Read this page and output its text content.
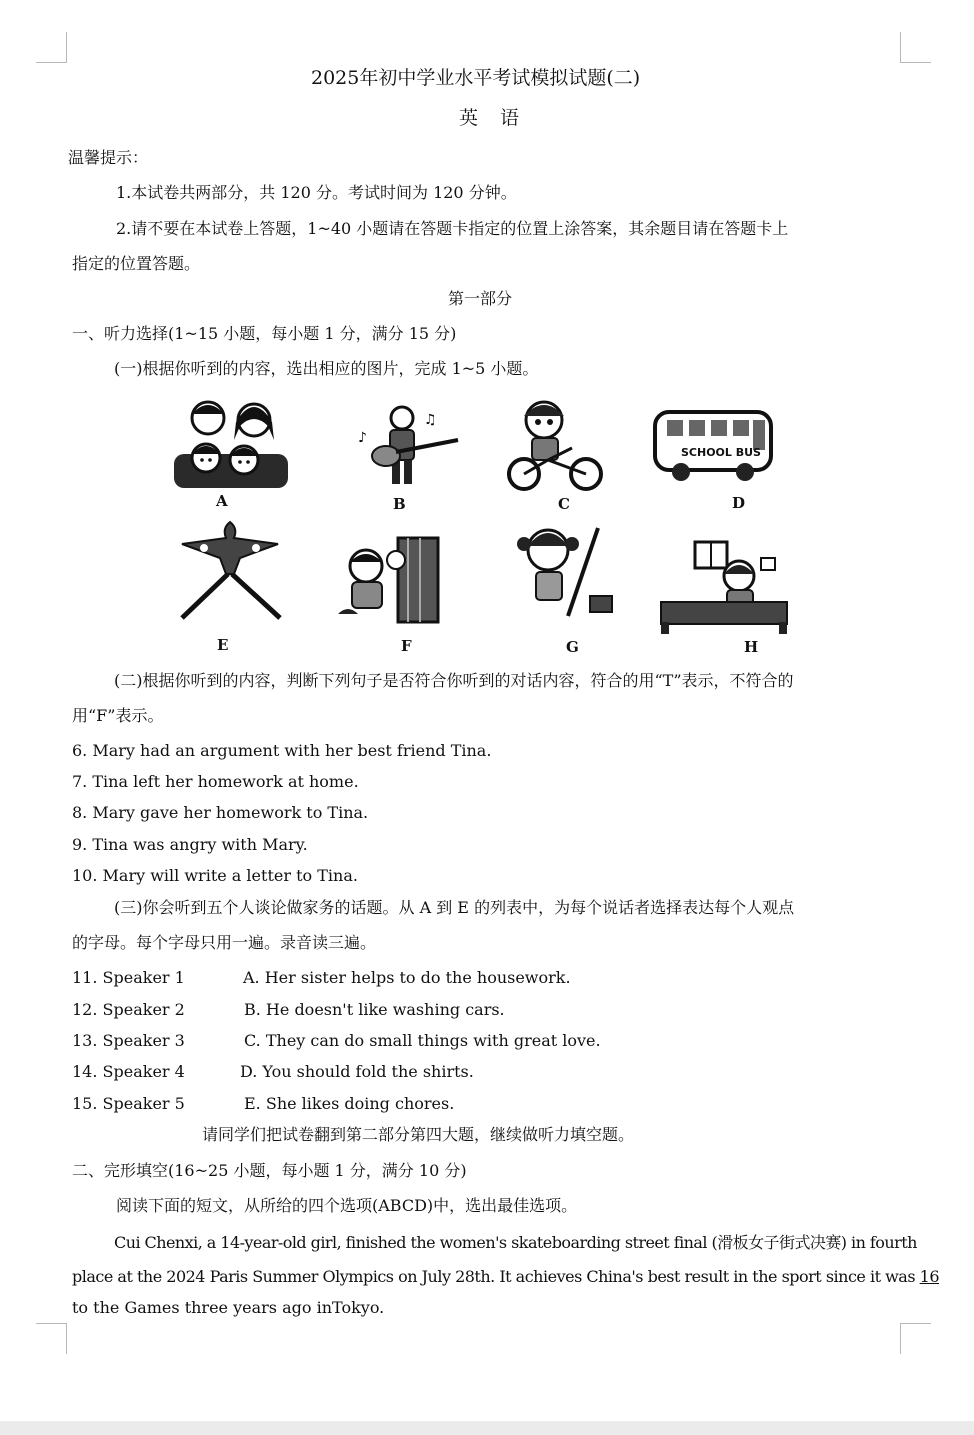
2025年初中学业水平考试模拟试题(二)
英 语
温馨提示：
1.本试卷共两部分，共 120 分。考试时间为 120 分钟。
2.请不要在本试卷上答题，1~40 小题请在答题卡指定的位置上涂答案，其余题目请在答题卡上
指定的位置答题。
第一部分
一、听力选择(1~15 小题，每小题 1 分，满分 15 分)
(一)根据你听到的内容，选出相应的图片，完成 1~5 小题。
A
♪
♫
B	C
SCHOOL BUS
D
E	F	G	H
(二)根据你听到的内容，判断下列句子是否符合你听到的对话内容，符合的用“T”表示，不符合的
用“F”表示。
6. Mary had an argument with her best friend Tina.
7. Tina left her homework at home.
8. Mary gave her homework to Tina.
9. Tina was angry with Mary.
10. Mary will write a letter to Tina.
(三)你会听到五个人谈论做家务的话题。从 A 到 E 的列表中，为每个说话者选择表达每个人观点
的字母。每个字母只用一遍。录音读三遍。
11. Speaker 1	A. Her sister helps to do the housework.
12. Speaker 2	B. He doesn't like washing cars.
13. Speaker 3	C. They can do small things with great love.
14. Speaker 4	D. You should fold the shirts.
15. Speaker 5	E. She likes doing chores.
请同学们把试卷翻到第二部分第四大题，继续做听力填空题。
二、完形填空(16~25 小题，每小题 1 分，满分 10 分)
阅读下面的短文，从所给的四个选项(ABCD)中，选出最佳选项。
Cui Chenxi, a 14-year-old girl, finished the women's skateboarding street final (滑板女子街式决赛) in fourth
place at the 2024 Paris Summer Olympics on July 28th. It achieves China's best result in the sport since it was 16
to the Games three years ago inTokyo.
